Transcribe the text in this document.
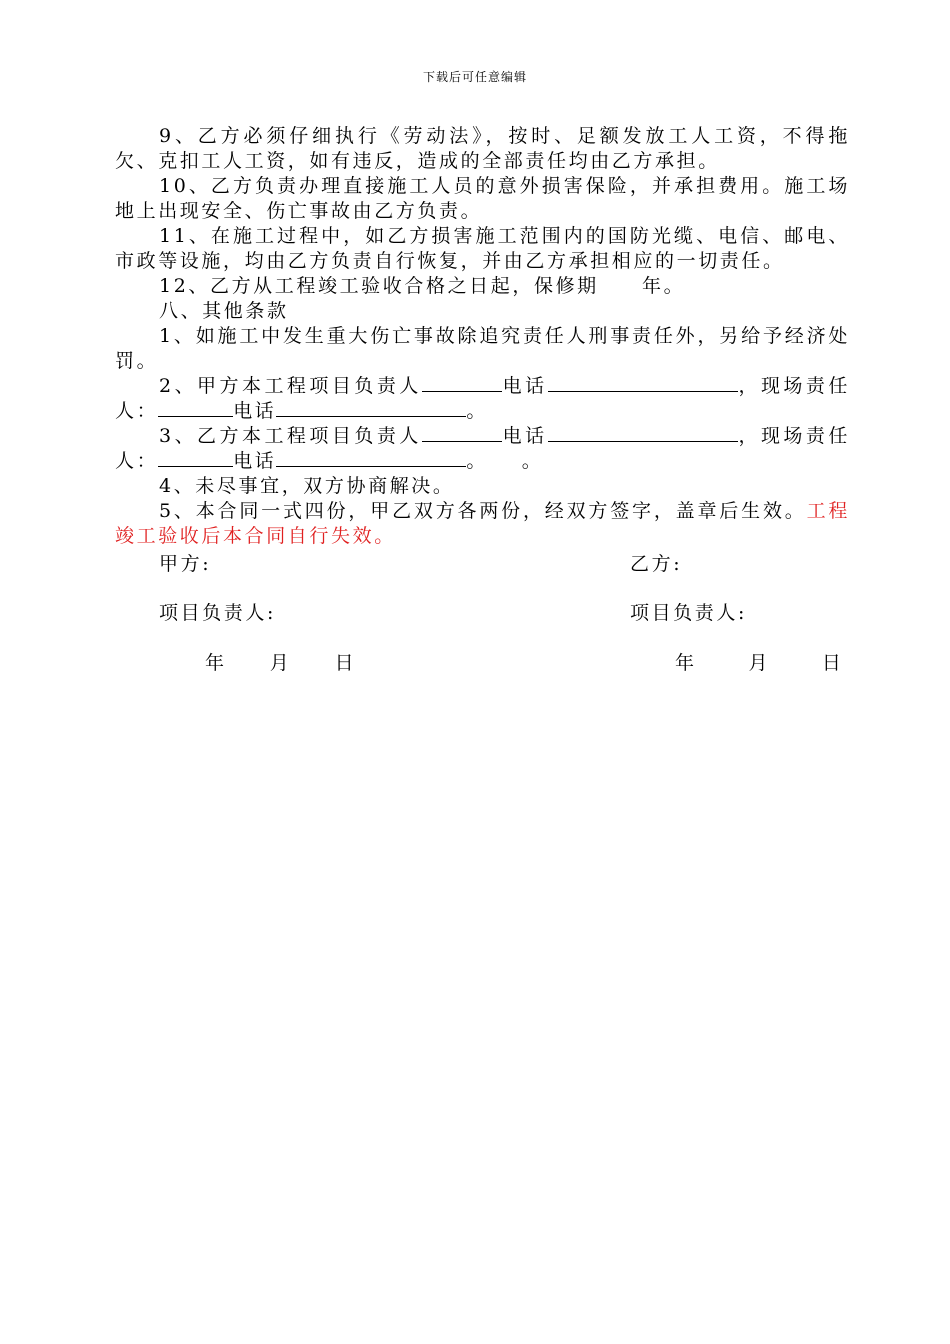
下载后可任意编辑

9、乙方必须仔细执行《劳动法》，按时、足额发放工人工资，不得拖欠、克扣工人工资，如有违反，造成的全部责任均由乙方承担。

10、乙方负责办理直接施工人员的意外损害保险，并承担费用。施工场地上出现安全、伤亡事故由乙方负责。

11、在施工过程中，如乙方损害施工范围内的国防光缆、电信、邮电、市政等设施，均由乙方负责自行恢复，并由乙方承担相应的一切责任。

12、乙方从工程竣工验收合格之日起，保修期　　年。

八、其他条款

1、如施工中发生重大伤亡事故除追究责任人刑事责任外，另给予经济处罚。

2、甲方本工程项目负责人	电话	，现场责任人：	电话	。

3、乙方本工程项目负责人	电话	，现场责任人：	电话	。　　。

4、未尽事宜，双方协商解决。

5、本合同一式四份，甲乙双方各两份，经双方签字，盖章后生效。工程竣工验收后本合同自行失效。

甲方:	乙方:
项目负责人:	项目负责人:
年　　月　　日	年　　 月　　 日
